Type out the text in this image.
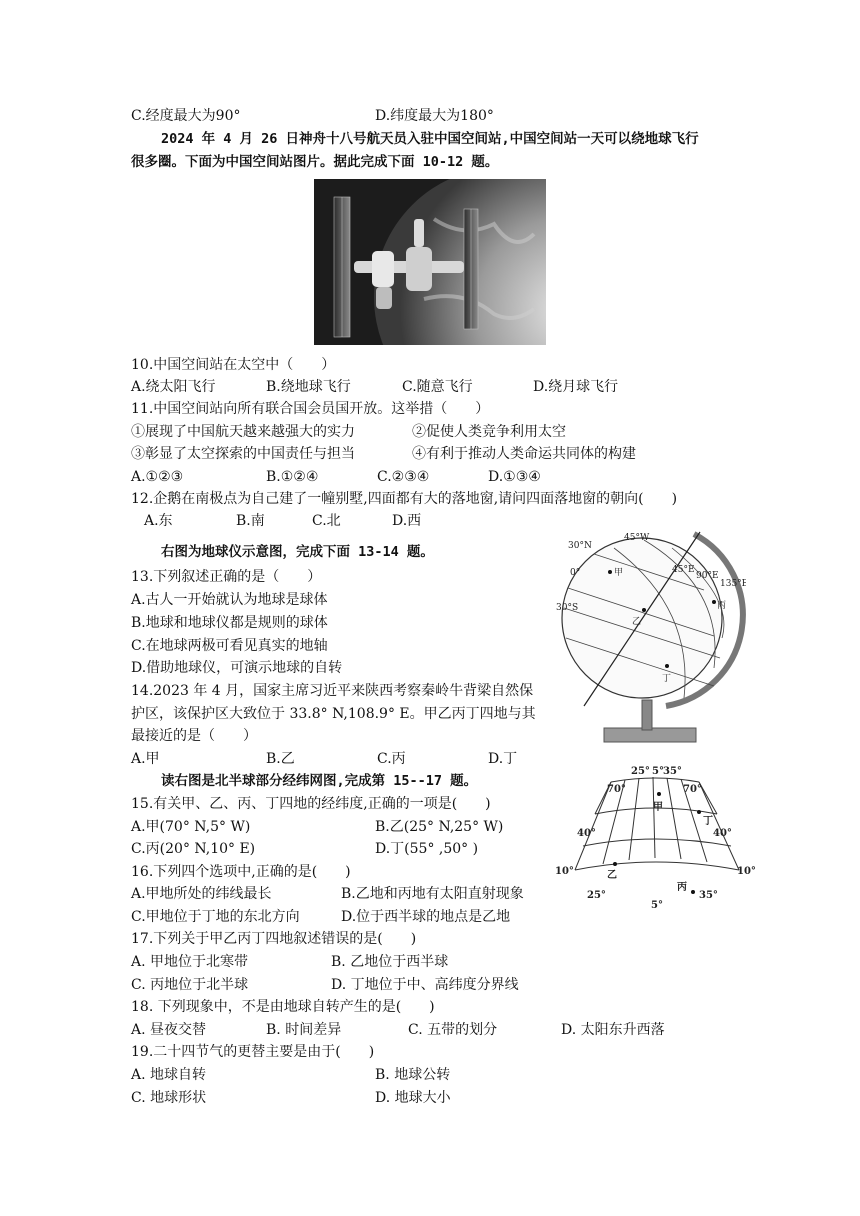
C.经度最大为90°	D.纬度最大为180°
2024 年 4 月 26 日神舟十八号航天员入驻中国空间站,中国空间站一天可以绕地球飞行
很多圈。下面为中国空间站图片。据此完成下面 10-12 题。
10.中国空间站在太空中（　　）
A.绕太阳飞行	B.绕地球飞行	C.随意飞行	D.绕月球飞行
11.中国空间站向所有联合国会员国开放。这举措（　　）
①展现了中国航天越来越强大的实力	②促使人类竞争利用太空
③彰显了太空探索的中国责任与担当	④有利于推动人类命运共同体的构建
A.①②③	B.①②④	C.②③④	D.①③④
12.企鹅在南极点为自己建了一幢别墅,四面都有大的落地窗,请问四面落地窗的朝向(　　)
A.东	B.南	C.北	D.西
右图为地球仪示意图，完成下面 13-14 题。
13.下列叙述正确的是（　　）
A.古人一开始就认为地球是球体
B.地球和地球仪都是规则的球体
C.在地球两极可看见真实的地轴
D.借助地球仪，可演示地球的自转
14.2023 年 4 月，国家主席习近平来陕西考察秦岭牛背梁自然保
护区，该保护区大致位于 33.8° N,108.9° E。甲乙丙丁四地与其
最接近的是（　　）
A.甲	B.乙	C.丙	D.丁
30°N
45°W
0°	45°E
90°E
135°E
30°S
甲
丙
乙
丁
读右图是北半球部分经纬网图,完成第 15--17 题。
15.有关甲、乙、丙、丁四地的经纬度,正确的一项是(　　)
A.甲(70° N,5° W)	B.乙(25° N,25° W)
C.丙(20° N,10° E)	D.丁(55° ,50° )
16.下列四个选项中,正确的是(　　)
A.甲地所处的纬线最长	B.乙地和丙地有太阳直射现象
C.甲地位于丁地的东北方向	D.位于西半球的地点是乙地
25° 5° 35°
70°	70°
40°	40°
10°	10°
25°
5°
35°
甲
丁
乙
丙
17.下列关于甲乙丙丁四地叙述错误的是(　　)
A. 甲地位于北寒带	B. 乙地位于西半球
C. 丙地位于北半球	D. 丁地位于中、高纬度分界线
18. 下列现象中，不是由地球自转产生的是(　　)
A. 昼夜交替	B. 时间差异	C. 五带的划分	D. 太阳东升西落
19.二十四节气的更替主要是由于(　　)
A. 地球自转	B. 地球公转
C. 地球形状	D. 地球大小
